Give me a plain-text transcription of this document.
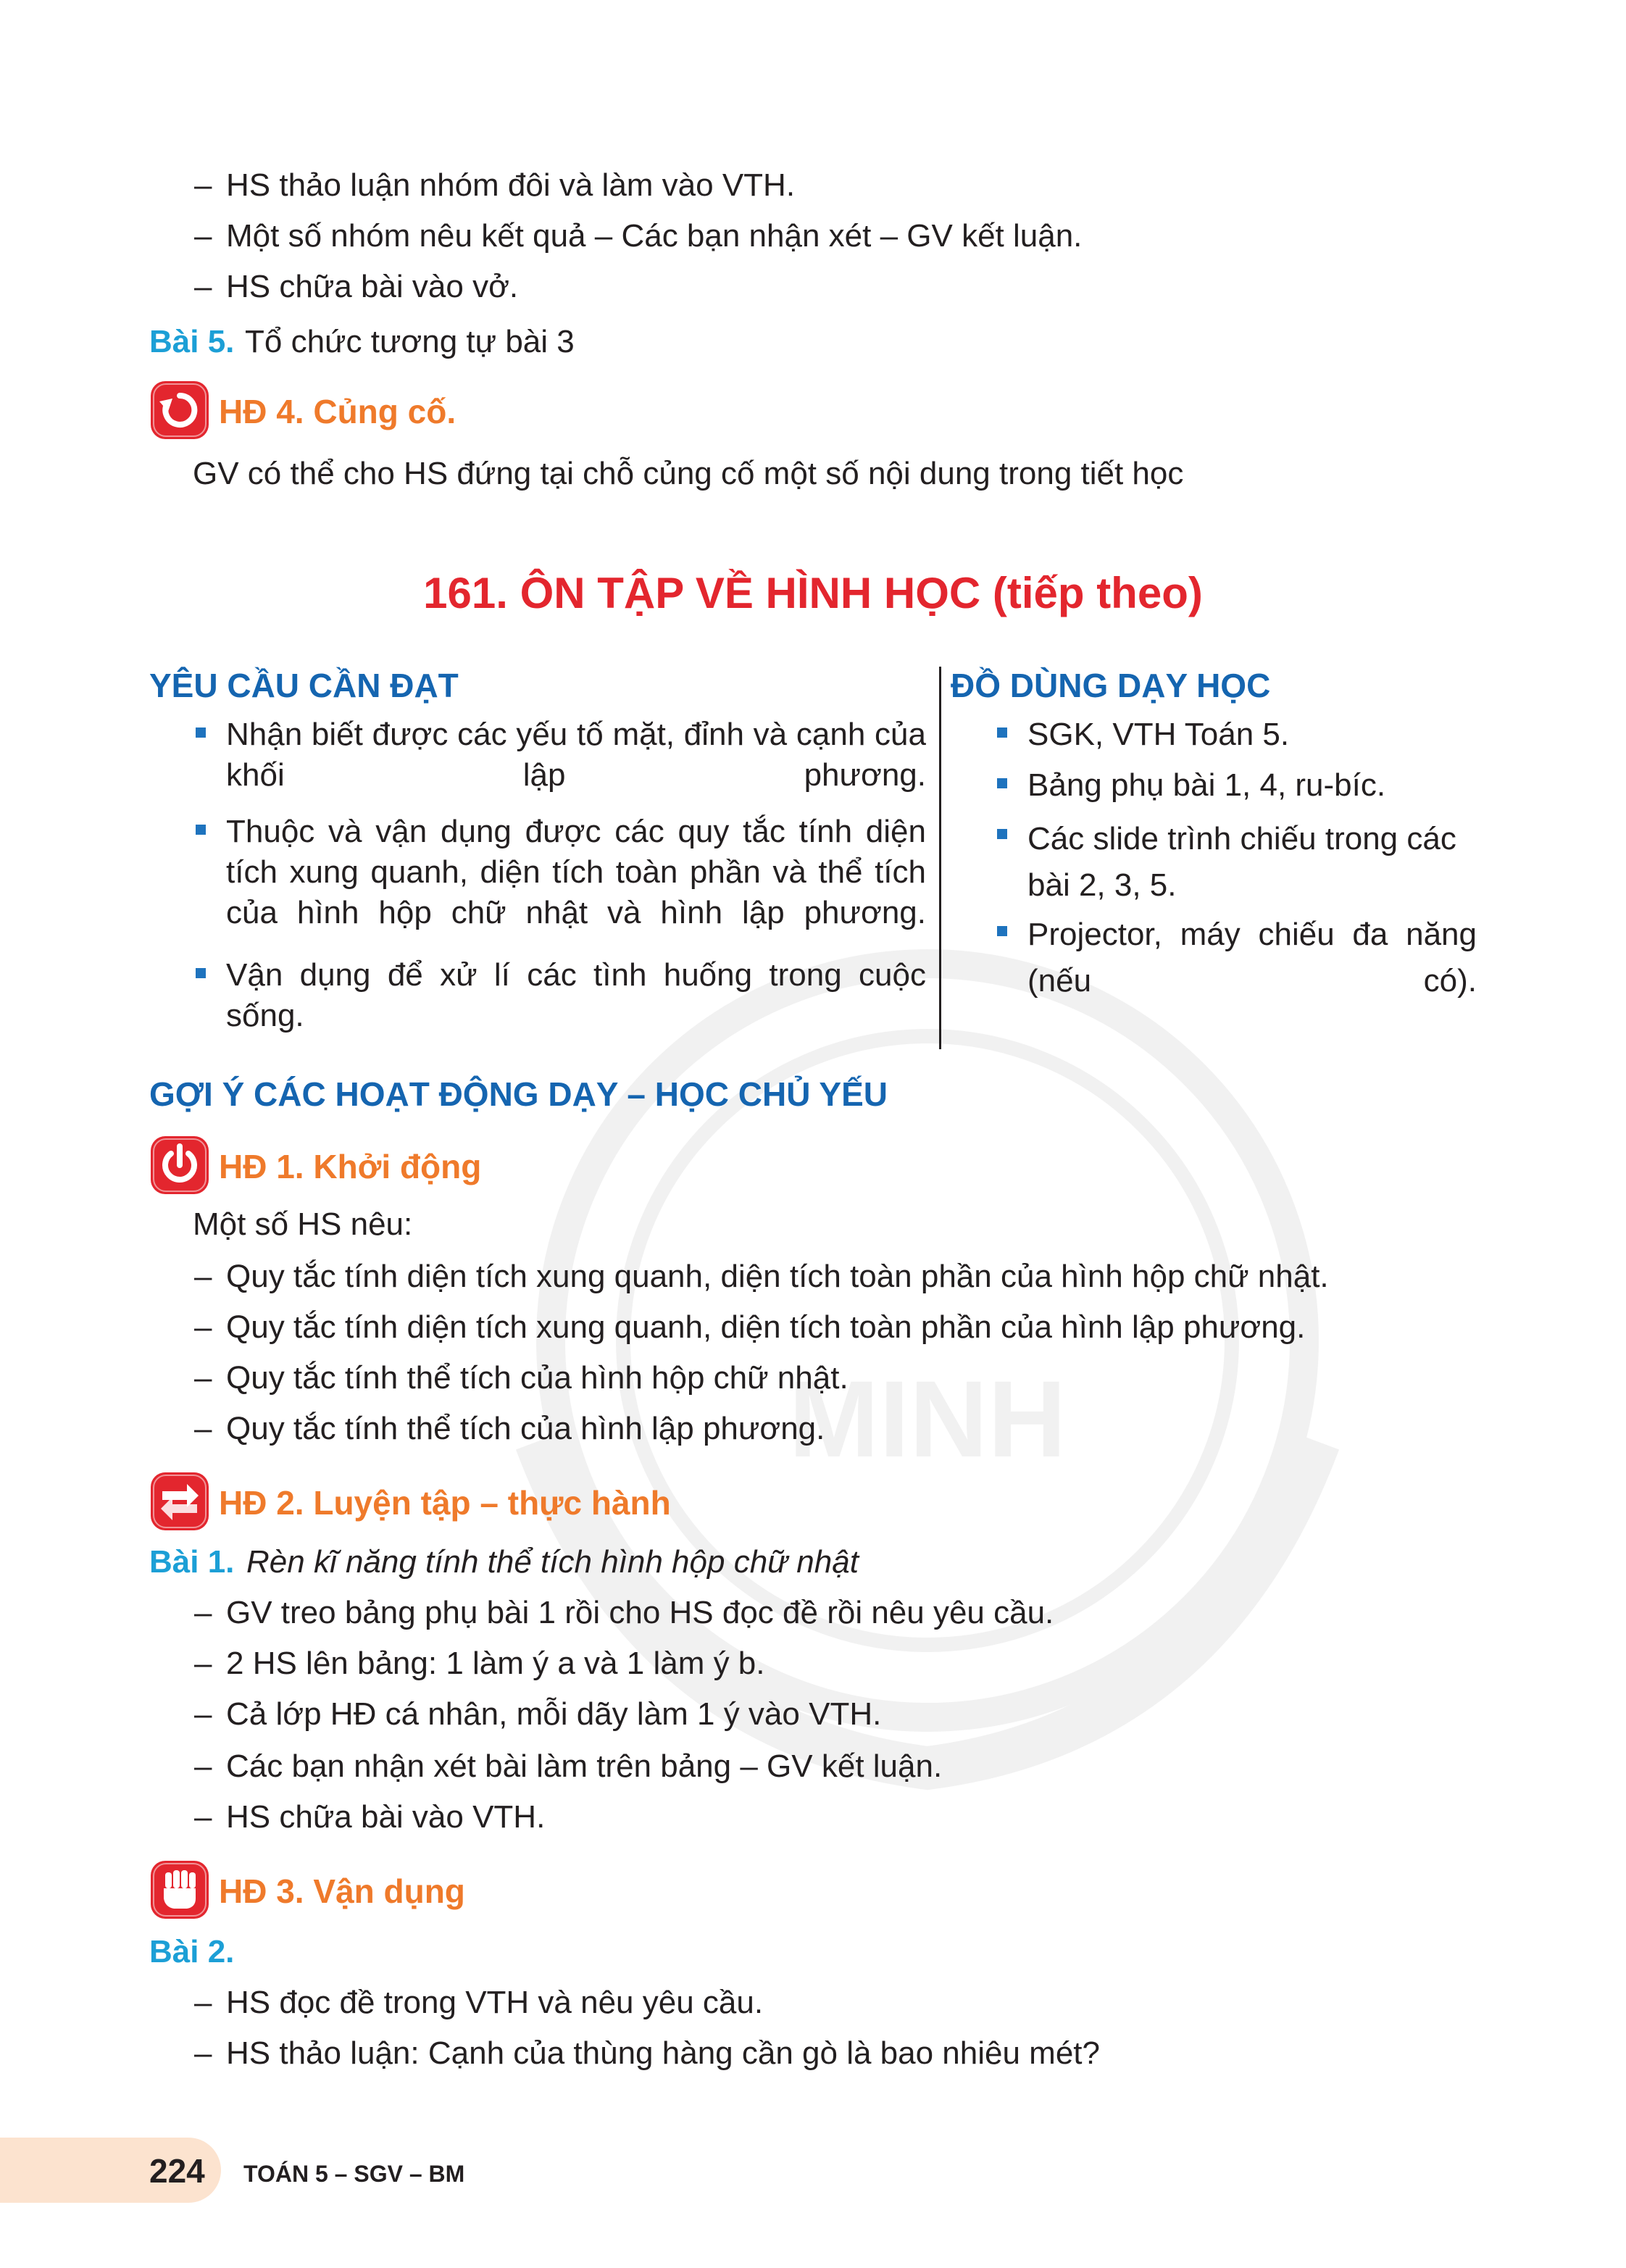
MINH
– HS thảo luận nhóm đôi và làm vào VTH.
– Một số nhóm nêu kết quả – Các bạn nhận xét – GV kết luận.
– HS chữa bài vào vở.
Bài 5. Tổ chức tương tự bài 3
HĐ 4. Củng cố.
GV có thể cho HS đứng tại chỗ củng cố một số nội dung trong tiết học
161. ÔN TẬP VỀ HÌNH HỌC (tiếp theo)
YÊU CẦU CẦN ĐẠT
Nhận biết được các yếu tố mặt, đỉnh và cạnh của khối lập phương.
Thuộc và vận dụng được các quy tắc tính diện tích xung quanh, diện tích toàn phần và thể tích của hình hộp chữ nhật và hình lập phương.
Vận dụng để xử lí các tình huống trong cuộc sống.
ĐỒ DÙNG DẠY HỌC
SGK, VTH Toán 5.
Bảng phụ bài 1, 4, ru-bíc.
Các slide trình chiếu trong các bài 2, 3, 5.
Projector, máy chiếu đa năng (nếu có).
GỢI Ý CÁC HOẠT ĐỘNG DẠY – HỌC CHỦ YẾU
HĐ 1. Khởi động
Một số HS nêu:
– Quy tắc tính diện tích xung quanh, diện tích toàn phần của hình hộp chữ nhật.
– Quy tắc tính diện tích xung quanh, diện tích toàn phần của hình lập phương.
– Quy tắc tính thể tích của hình hộp chữ nhật.
– Quy tắc tính thể tích của hình lập phương.
HĐ 2. Luyện tập – thực hành
Bài 1. Rèn kĩ năng tính thể tích hình hộp chữ nhật
– GV treo bảng phụ bài 1 rồi cho HS đọc đề rồi nêu yêu cầu.
– 2 HS lên bảng: 1 làm ý a và 1 làm ý b.
– Cả lớp HĐ cá nhân, mỗi dãy làm 1 ý vào VTH.
– Các bạn nhận xét bài làm trên bảng – GV kết luận.
– HS chữa bài vào VTH.
HĐ 3. Vận dụng
Bài 2.
– HS đọc đề trong VTH và nêu yêu cầu.
– HS thảo luận: Cạnh của thùng hàng cần gò là bao nhiêu mét?
224 TOÁN 5 – SGV – BM
